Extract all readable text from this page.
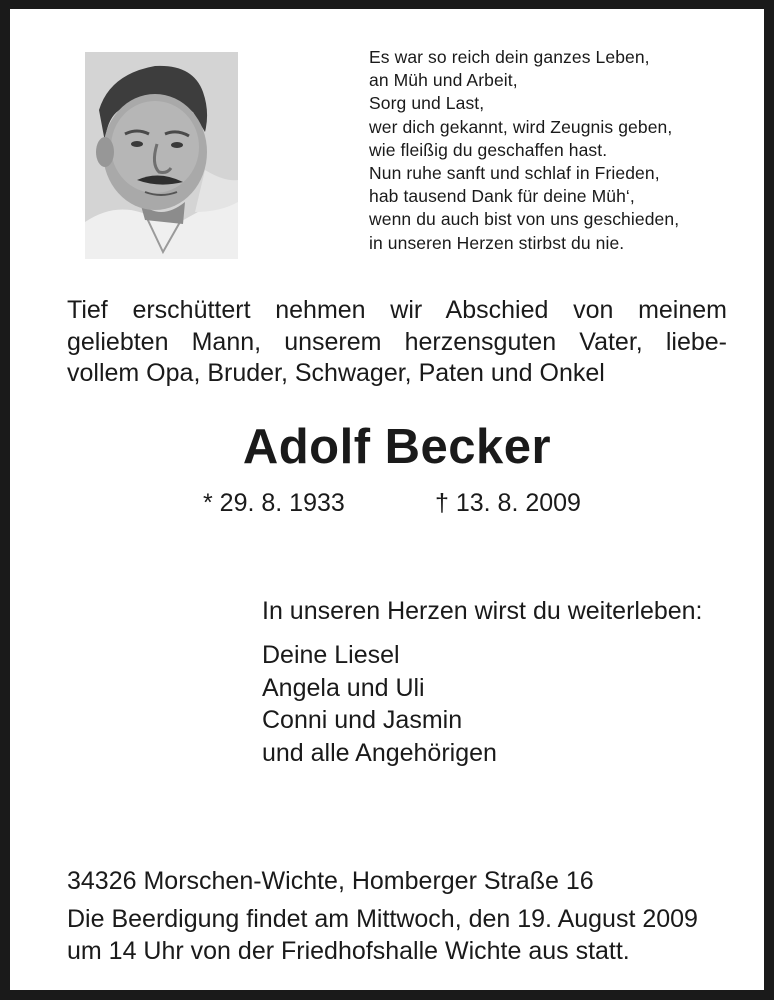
Es war so reich dein ganzes Leben,
an Müh und Arbeit,
Sorg und Last,
wer dich gekannt, wird Zeugnis geben,
wie fleißig du geschaffen hast.
Nun ruhe sanft und schlaf in Frieden,
hab tausend Dank für deine Müh‘,
wenn du auch bist von uns geschieden,
in unseren Herzen stirbst du nie.
Tief erschüttert nehmen wir Abschied von meinem
geliebten Mann, unserem herzensguten Vater, liebe-
vollem Opa, Bruder, Schwager, Paten und Onkel
Adolf Becker
* 29. 8. 1933	† 13. 8. 2009
In unseren Herzen wirst du weiterleben:
Deine Liesel
Angela und Uli
Conni und Jasmin
und alle Angehörigen
34326 Morschen-Wichte, Homberger Straße 16
Die Beerdigung findet am Mittwoch, den 19. August 2009
um 14 Uhr von der Friedhofshalle Wichte aus statt.
